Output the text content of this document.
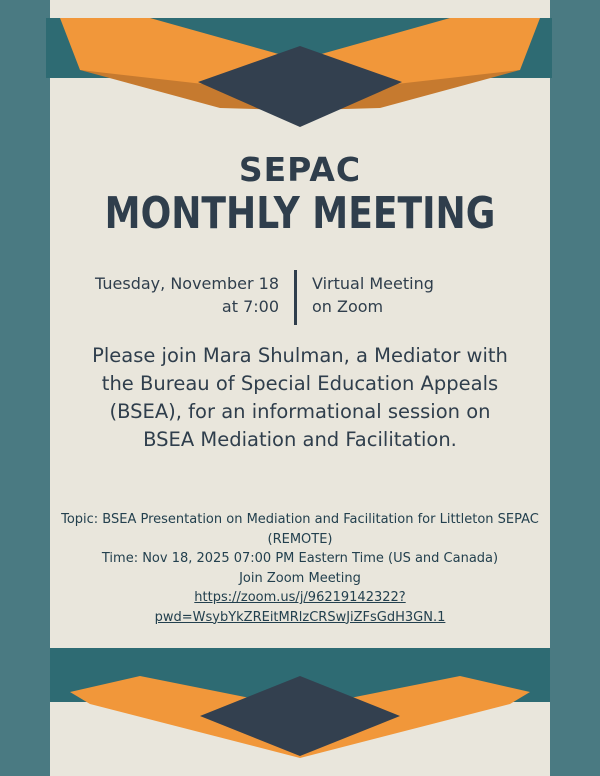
SEPAC
MONTHLY MEETING
Tuesday, November 18
at 7:00
Virtual Meeting
on Zoom
Please join Mara Shulman, a Mediator with the Bureau of Special Education Appeals (BSEA), for an informational session on BSEA Mediation and Facilitation.
Topic: BSEA Presentation on Mediation and Facilitation for Littleton SEPAC (REMOTE)
Time: Nov 18, 2025 07:00 PM Eastern Time (US and Canada)
Join Zoom Meeting
https://zoom.us/j/96219142322?
pwd=WsybYkZREitMRlzCRSwJiZFsGdH3GN.1
